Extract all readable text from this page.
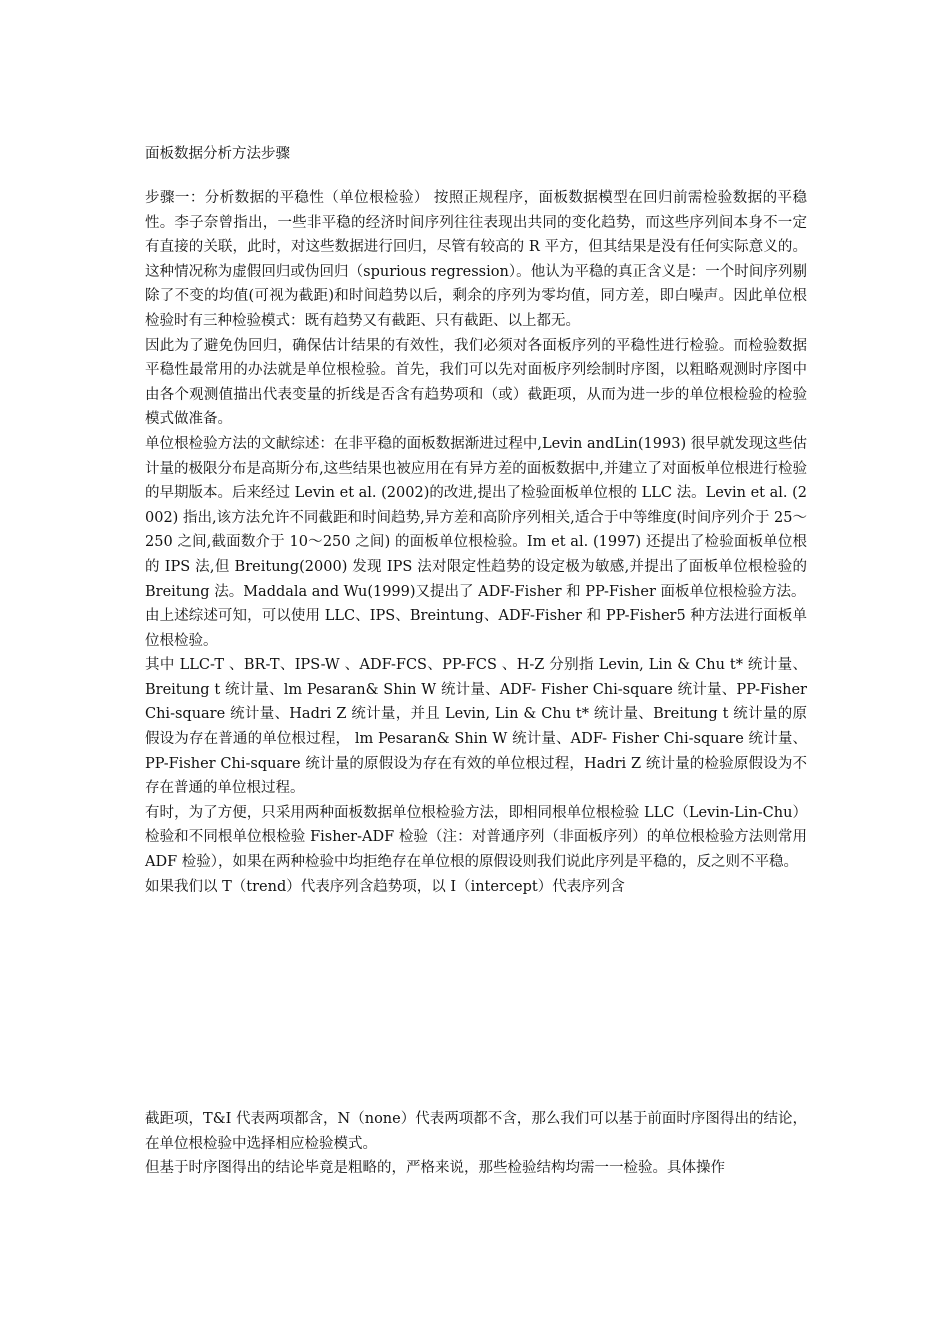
面板数据分析方法步骤

步骤一：分析数据的平稳性（单位根检验） 按照正规程序，面板数据模型在回归前需检验数据的平稳性。李子奈曾指出，一些非平稳的经济时间序列往往表现出共同的变化趋势，而这些序列间本身不一定有直接的关联，此时，对这些数据进行回归，尽管有较高的 R 平方，但其结果是没有任何实际意义的。这种情况称为虚假回归或伪回归（spurious regression）。他认为平稳的真正含义是：一个时间序列剔除了不变的均值(可视为截距)和时间趋势以后，剩余的序列为零均值，同方差，即白噪声。因此单位根检验时有三种检验模式：既有趋势又有截距、只有截距、以上都无。

因此为了避免伪回归，确保估计结果的有效性，我们必须对各面板序列的平稳性进行检验。而检验数据平稳性最常用的办法就是单位根检验。首先，我们可以先对面板序列绘制时序图，以粗略观测时序图中由各个观测值描出代表变量的折线是否含有趋势项和（或）截距项，从而为进一步的单位根检验的检验模式做准备。

单位根检验方法的文献综述：在非平稳的面板数据渐进过程中,Levin andLin(1993) 很早就发现这些估计量的极限分布是高斯分布,这些结果也被应用在有异方差的面板数据中,并建立了对面板单位根进行检验的早期版本。后来经过 Levin et al. (2002)的改进,提出了检验面板单位根的 LLC 法。Levin et al. (2002) 指出,该方法允许不同截距和时间趋势,异方差和高阶序列相关,适合于中等维度(时间序列介于 25～250 之间,截面数介于 10～250 之间) 的面板单位根检验。Im et al. (1997) 还提出了检验面板单位根的 IPS 法,但 Breitung(2000) 发现 IPS 法对限定性趋势的设定极为敏感,并提出了面板单位根检验的 Breitung 法。Maddala and Wu(1999)又提出了 ADF-Fisher 和 PP-Fisher 面板单位根检验方法。

由上述综述可知，可以使用 LLC、IPS、Breintung、ADF-Fisher 和 PP-Fisher5 种方法进行面板单位根检验。

其中 LLC-T 、BR-T、IPS-W 、ADF-FCS、PP-FCS 、H-Z 分别指 Levin, Lin & Chu t* 统计量、Breitung t 统计量、lm Pesaran& Shin W 统计量、ADF- Fisher Chi-square 统计量、PP-Fisher Chi-square 统计量、Hadri Z 统计量，并且 Levin, Lin & Chu t* 统计量、Breitung t 统计量的原假设为存在普通的单位根过程， lm Pesaran& Shin W 统计量、ADF- Fisher Chi-square 统计量、PP-Fisher Chi-square 统计量的原假设为存在有效的单位根过程，Hadri Z 统计量的检验原假设为不存在普通的单位根过程。

有时，为了方便，只采用两种面板数据单位根检验方法，即相同根单位根检验 LLC（Levin-Lin-Chu）检验和不同根单位根检验 Fisher-ADF 检验（注：对普通序列（非面板序列）的单位根检验方法则常用 ADF 检验），如果在两种检验中均拒绝存在单位根的原假设则我们说此序列是平稳的，反之则不平稳。

如果我们以 T（trend）代表序列含趋势项，以 I（intercept）代表序列含

截距项，T&I 代表两项都含，N（none）代表两项都不含，那么我们可以基于前面时序图得出的结论，在单位根检验中选择相应检验模式。

但基于时序图得出的结论毕竟是粗略的，严格来说，那些检验结构均需一一检验。具体操作
